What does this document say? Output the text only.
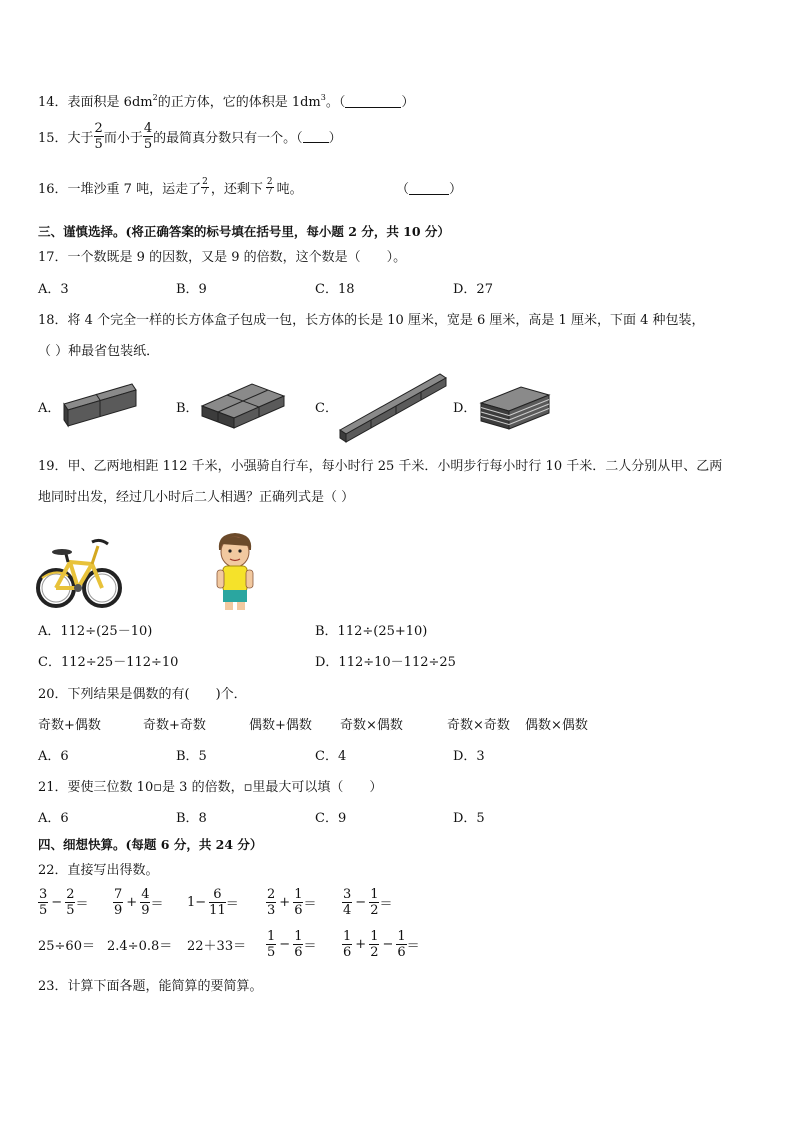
14．表面积是 $6dm^2$的正方体，它的体积是 $1dm^3$。（	）
15．大于 $\frac{2}{5}$ 而小于 $\frac{4}{5}$ 的最简真分数只有一个。（ ）
16．一堆沙重 7 吨，运走了 $\frac{2}{7}$ ，还剩下 $\frac{2}{7}$ 吨。	（	）
三、谨慎选择。(将正确答案的标号填在括号里，每小题 2 分，共 10 分）
17．一个数既是 9 的因数，又是 9 的倍数，这个数是（　　）。
A．3	B．9	C．18	D．27
18．将 4 个完全一样的长方体盒子包成一包，长方体的长是 10 厘米，宽是 6 厘米，高是 1 厘米，下面 4 种包装，
（ ）种最省包装纸．
A．	B．	C．	D．
19．甲、乙两地相距 112 千米，小强骑自行车，每小时行 25 千米．小明步行每小时行 10 千米．二人分别从甲、乙两
地同时出发，经过几小时后二人相遇？正确列式是（ ）
A．112÷(25－10)	B．112÷(25+10)
C．112÷25－112÷10	D．112÷10－112÷25
20．下列结果是偶数的有(　　)个．
奇数+偶数	奇数+奇数	偶数+偶数 奇数×偶数	奇数×奇数 偶数×偶数
A．6	B．5	C．4	D．3
21．要使三位数 10▫是 3 的倍数，▫里最大可以填（　　）
A．6	B．8	C．9	D．5
四、细想快算。(每题 6 分，共 24 分）
22．直接写出得数。
$\frac{3}{5} - \frac{2}{5} = \frac{7}{9} + \frac{4}{9} = 1- \frac{6}{11} = \frac{2}{3} + \frac{1}{6} = \frac{3}{4} - \frac{1}{2}$ ＝
$25\div 60= 2.4\div 0.8= 22+33= \frac{1}{5} - \frac{1}{6} = \frac{1}{6} + \frac{1}{2} - \frac{1}{6}$ ＝
23．计算下面各题，能简算的要简算。
